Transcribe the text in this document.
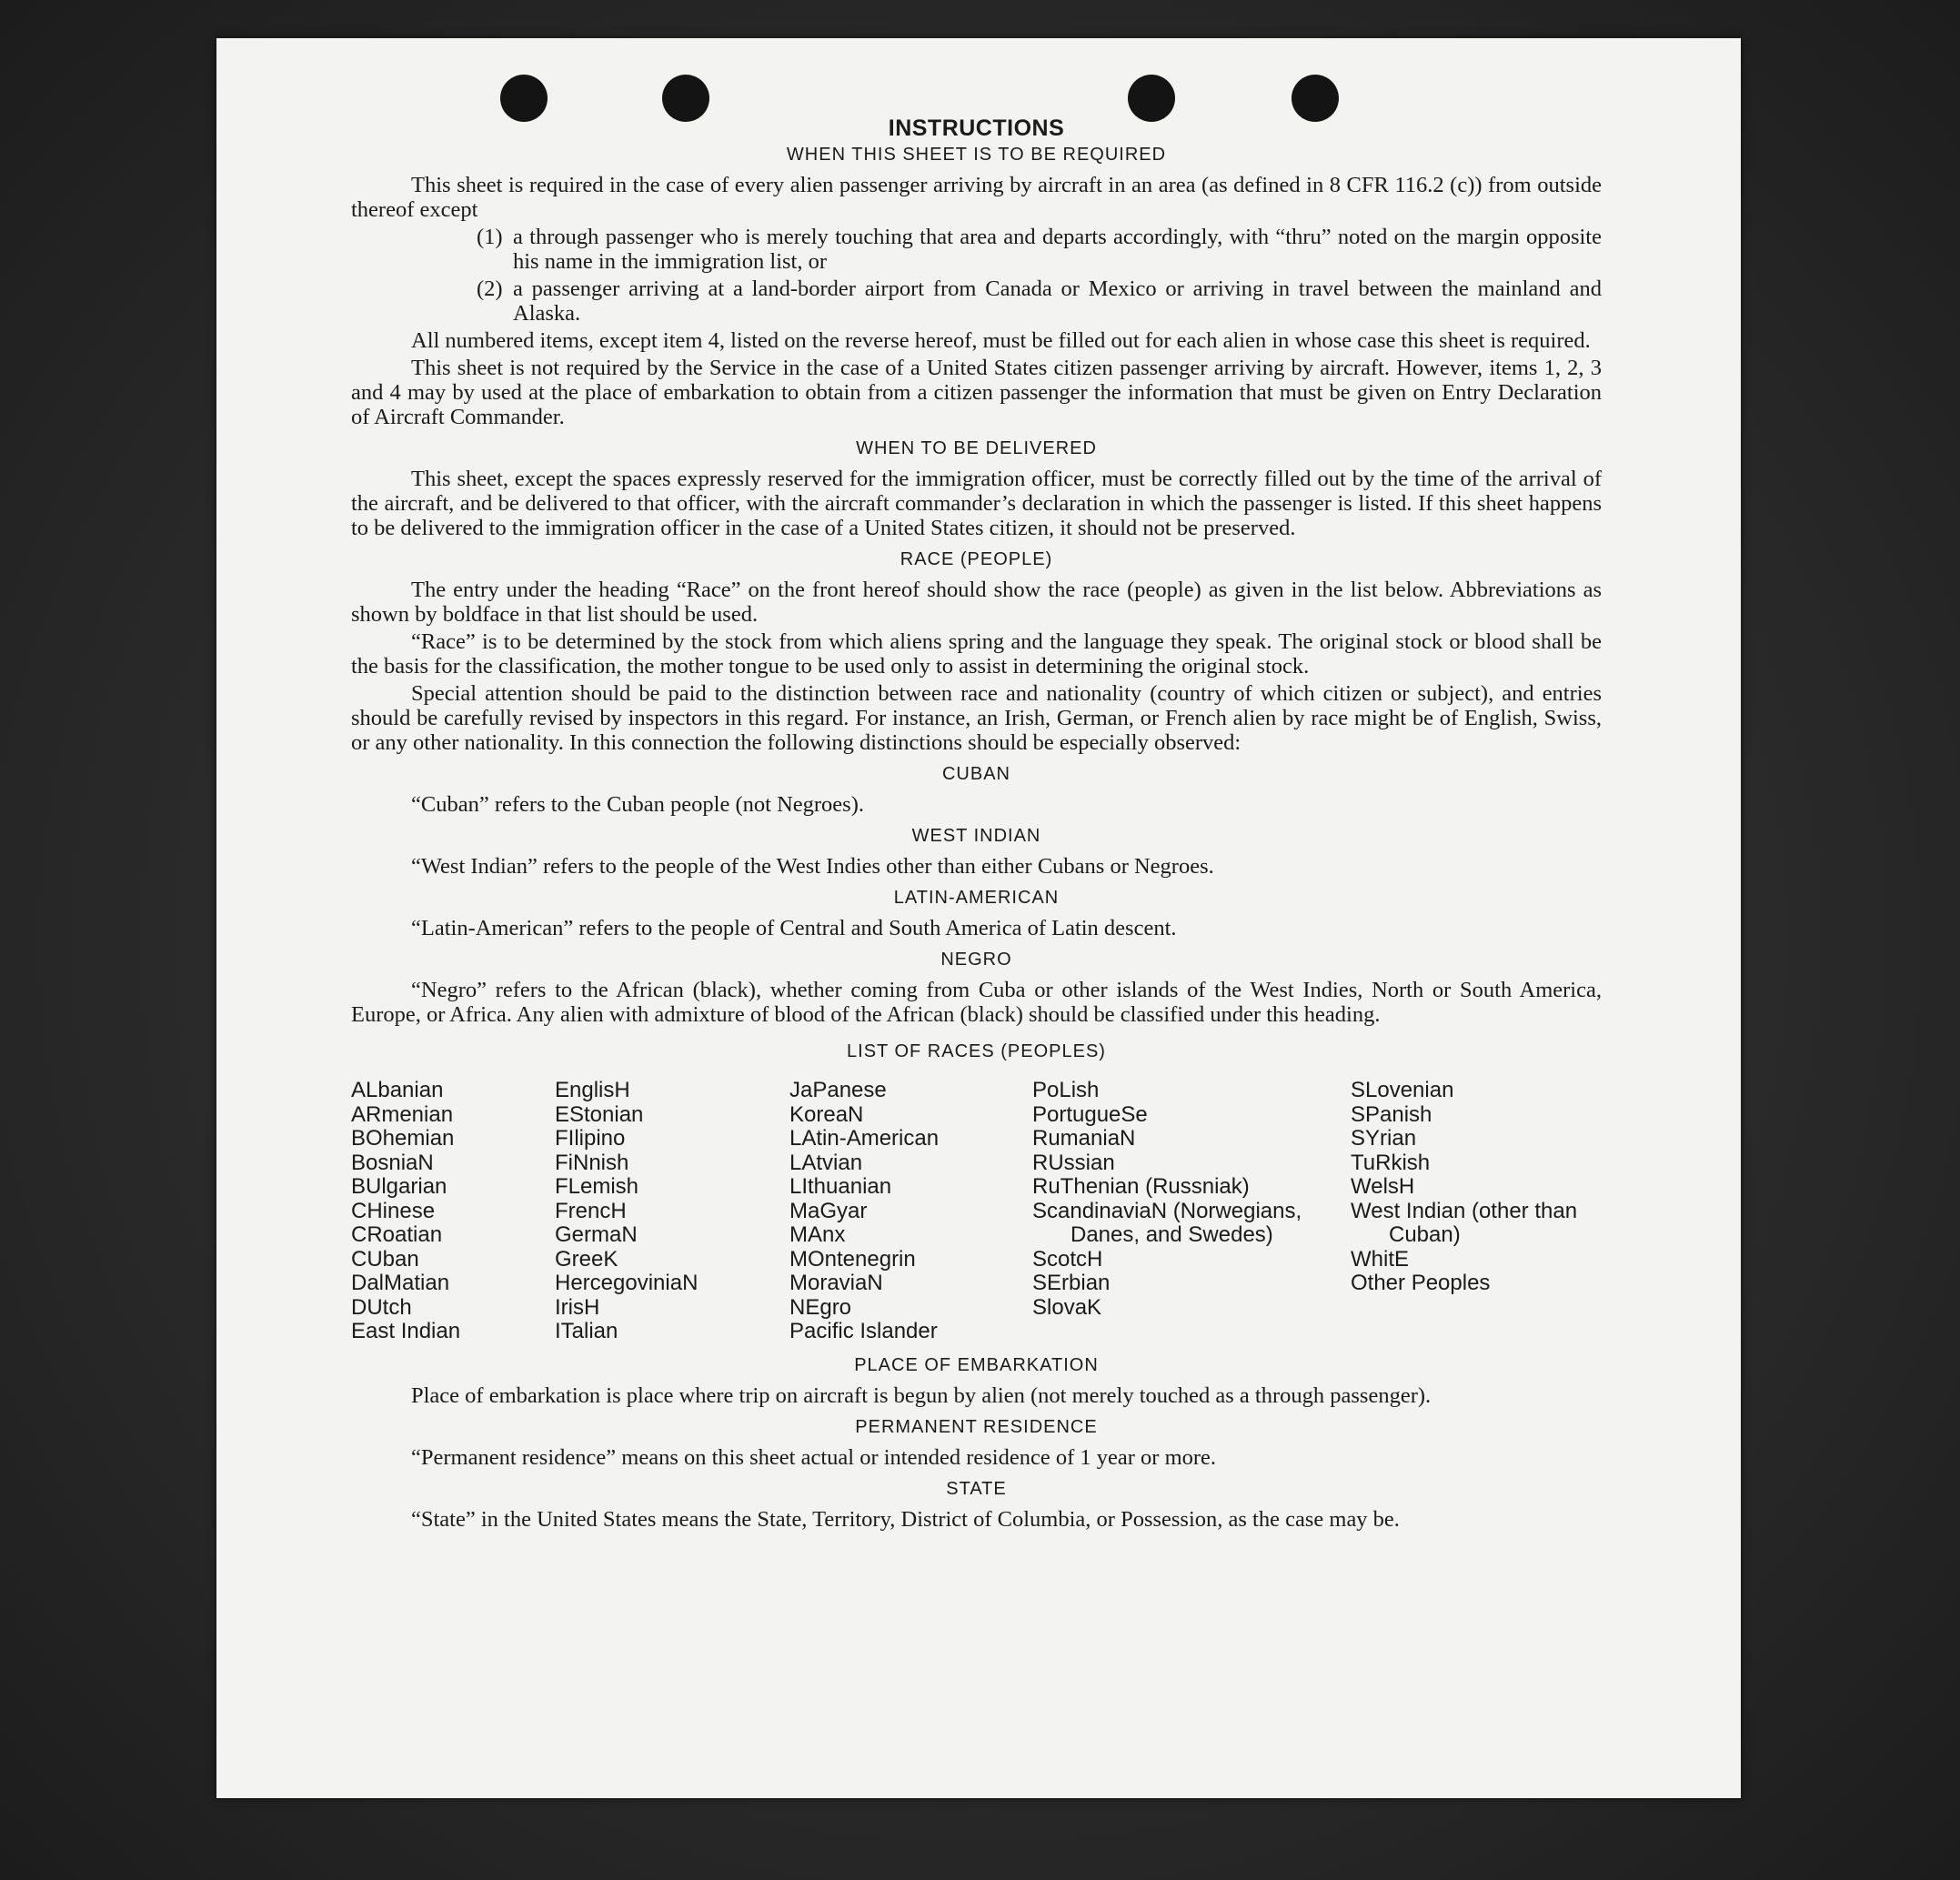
INSTRUCTIONS
WHEN THIS SHEET IS TO BE REQUIRED

This sheet is required in the case of every alien passenger arriving by aircraft in an area (as defined in 8 CFR 116.2 (c)) from outside thereof except

(1) a through passenger who is merely touching that area and departs accordingly, with “thru” noted on the margin opposite his name in the immigration list, or
(2) a passenger arriving at a land-border airport from Canada or Mexico or arriving in travel between the mainland and Alaska.

All numbered items, except item 4, listed on the reverse hereof, must be filled out for each alien in whose case this sheet is required.

This sheet is not required by the Service in the case of a United States citizen passenger arriving by aircraft. However, items 1, 2, 3 and 4 may by used at the place of embarkation to obtain from a citizen passenger the information that must be given on Entry Declaration of Aircraft Commander.

WHEN TO BE DELIVERED

This sheet, except the spaces expressly reserved for the immigration officer, must be correctly filled out by the time of the arrival of the aircraft, and be delivered to that officer, with the aircraft commander’s declaration in which the passenger is listed. If this sheet happens to be delivered to the immigration officer in the case of a United States citizen, it should not be preserved.

RACE (PEOPLE)

The entry under the heading “Race” on the front hereof should show the race (people) as given in the list below. Abbreviations as shown by boldface in that list should be used.

“Race” is to be determined by the stock from which aliens spring and the language they speak. The original stock or blood shall be the basis for the classification, the mother tongue to be used only to assist in determining the original stock.

Special attention should be paid to the distinction between race and nationality (country of which citizen or subject), and entries should be carefully revised by inspectors in this regard. For instance, an Irish, German, or French alien by race might be of English, Swiss, or any other nationality. In this connection the following distinctions should be especially observed:

CUBAN

“Cuban” refers to the Cuban people (not Negroes).

WEST INDIAN

“West Indian” refers to the people of the West Indies other than either Cubans or Negroes.

LATIN-AMERICAN

“Latin-American” refers to the people of Central and South America of Latin descent.

NEGRO

“Negro” refers to the African (black), whether coming from Cuba or other islands of the West Indies, North or South America, Europe, or Africa. Any alien with admixture of blood of the African (black) should be classified under this heading.

LIST OF RACES (PEOPLES)
ALbanian
ARmenian
BOhemian
BosniaN
BUlgarian
CHinese
CRoatian
CUban
DalMatian
DUtch
East Indian
EnglisH
EStonian
FIlipino
FiNnish
FLemish
FrencH
GermaN
GreeK
HercegoviniaN
IrisH
ITalian
JaPanese
KoreaN
LAtin-American
LAtvian
LIthuanian
MaGyar
MAnx
MOntenegrin
MoraviaN
NEgro
Pacific Islander
PoLish
PortugueSe
RumaniaN
RUssian
RuThenian (Russniak)
ScandinaviaN (Norwegians, Danes, and Swedes)
ScotcH
SErbian
SlovaK
SLovenian
SPanish
SYrian
TuRkish
WelsH
West Indian (other than Cuban)
WhitE
Other Peoples
PLACE OF EMBARKATION

Place of embarkation is place where trip on aircraft is begun by alien (not merely touched as a through passenger).

PERMANENT RESIDENCE

“Permanent residence” means on this sheet actual or intended residence of 1 year or more.

STATE

“State” in the United States means the State, Territory, District of Columbia, or Possession, as the case may be.
